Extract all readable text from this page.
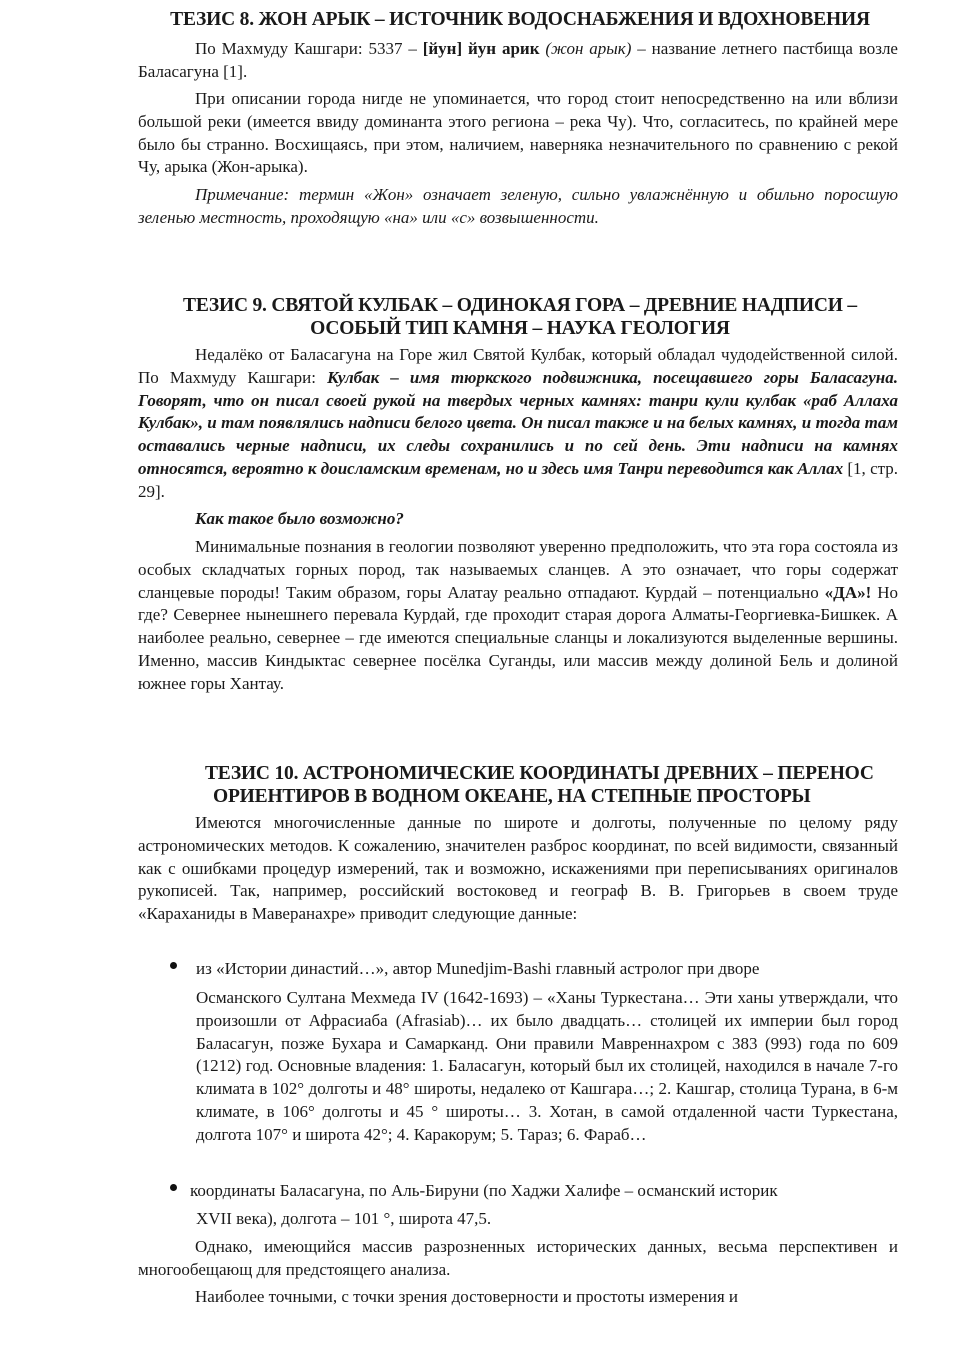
ТЕЗИС 8. ЖОН АРЫК – ИСТОЧНИК ВОДОСНАБЖЕНИЯ И ВДОХНОВЕНИЯ

По Махмуду Кашгари: 5337 – [йун] йун арик (жон арык) – название летнего пастбища возле Баласагуна [1].

При описании города нигде не упоминается, что город стоит непосредственно на или вблизи большой реки (имеется ввиду доминанта этого региона – река Чу). Что, согласитесь, по крайней мере было бы странно. Восхищаясь, при этом, наличием, наверняка незначительного по сравнению с рекой Чу, арыка (Жон-арыка).

Примечание: термин «Жон» означает зеленую, сильно увлажнённую и обильно поросшую зеленью местность, проходящую «на» или «с» возвышенности.

ТЕЗИС 9. СВЯТОЙ КУЛБАК – ОДИНОКАЯ ГОРА – ДРЕВНИЕ НАДПИСИ –
ОСОБЫЙ ТИП КАМНЯ – НАУКА ГЕОЛОГИЯ

Недалёко от Баласагуна на Горе жил Святой Кулбак, который обладал чудодейственной силой. По Махмуду Кашгари: Кулбак – имя тюркского подвижника, посещавшего горы Баласагуна. Говорят, что он писал своей рукой на твердых черных камнях: танри кули кулбак «раб Аллаха Кулбак», и там появлялись надписи белого цвета. Он писал также и на белых камнях, и тогда там оставались черные надписи, их следы сохранились и по сей день. Эти надписи на камнях относятся, вероятно к доисламским временам, но и здесь имя Танри переводится как Аллах [1, стр. 29].

Как такое было возможно?

Минимальные познания в геологии позволяют уверенно предположить, что эта гора состояла из особых складчатых горных пород, так называемых сланцев. А это означает, что горы содержат сланцевые породы! Таким образом, горы Алатау реально отпадают. Курдай – потенциально «ДА»! Но где? Севернее нынешнего перевала Курдай, где проходит старая дорога Алматы-Георгиевка-Бишкек. А наиболее реально, севернее – где имеются специальные сланцы и локализуются выделенные вершины. Именно, массив Киндыктас севернее посёлка Суганды, или массив между долиной Бель и долиной южнее горы Хантау.

ТЕЗИС 10. АСТРОНОМИЧЕСКИЕ КООРДИНАТЫ ДРЕВНИХ – ПЕРЕНОС
ОРИЕНТИРОВ В ВОДНОМ ОКЕАНЕ, НА СТЕПНЫЕ ПРОСТОРЫ

Имеются многочисленные данные по широте и долготы, полученные по целому ряду астрономических методов. К сожалению, значителен разброс координат, по всей видимости, связанный как с ошибками процедур измерений, так и возможно, искажениями при переписываниях оригиналов рукописей. Так, например, российский востоковед и географ В. В. Григорьев в своем труде «Караханиды в Маверанахре» приводит следующие данные:

из «Истории династий…», автор Munedjim-Bashi главный астролог при дворе

Османского Султана Мехмеда IV (1642-1693) – «Ханы Туркестана… Эти ханы утверждали, что произошли от Афрасиаба (Afrasiab)… их было двадцать… столицей их империи был город Баласагун, позже Бухара и Самарканд. Они правили Мавреннахром с 383 (993) года по 609 (1212) год. Основные владения: 1. Баласагун, который был их столицей, находился в начале 7-го климата в 102° долготы и 48° широты, недалеко от Кашгара…; 2. Кашгар, столица Турана, в 6-м климате, в 106° долготы и 45 ° широты… 3. Хотан, в самой отдаленной части Туркестана, долгота 107° и широта 42°; 4. Каракорум; 5. Тараз; 6. Фараб…

координаты Баласагуна, по Аль-Бируни (по Хаджи Халифе – османский историк

XVII века), долгота – 101 °, широта 47,5.

Однако, имеющийся массив разрозненных исторических данных, весьма перспективен и многообещающ для предстоящего анализа.

Наиболее точными, с точки зрения достоверности и простоты измерения и
